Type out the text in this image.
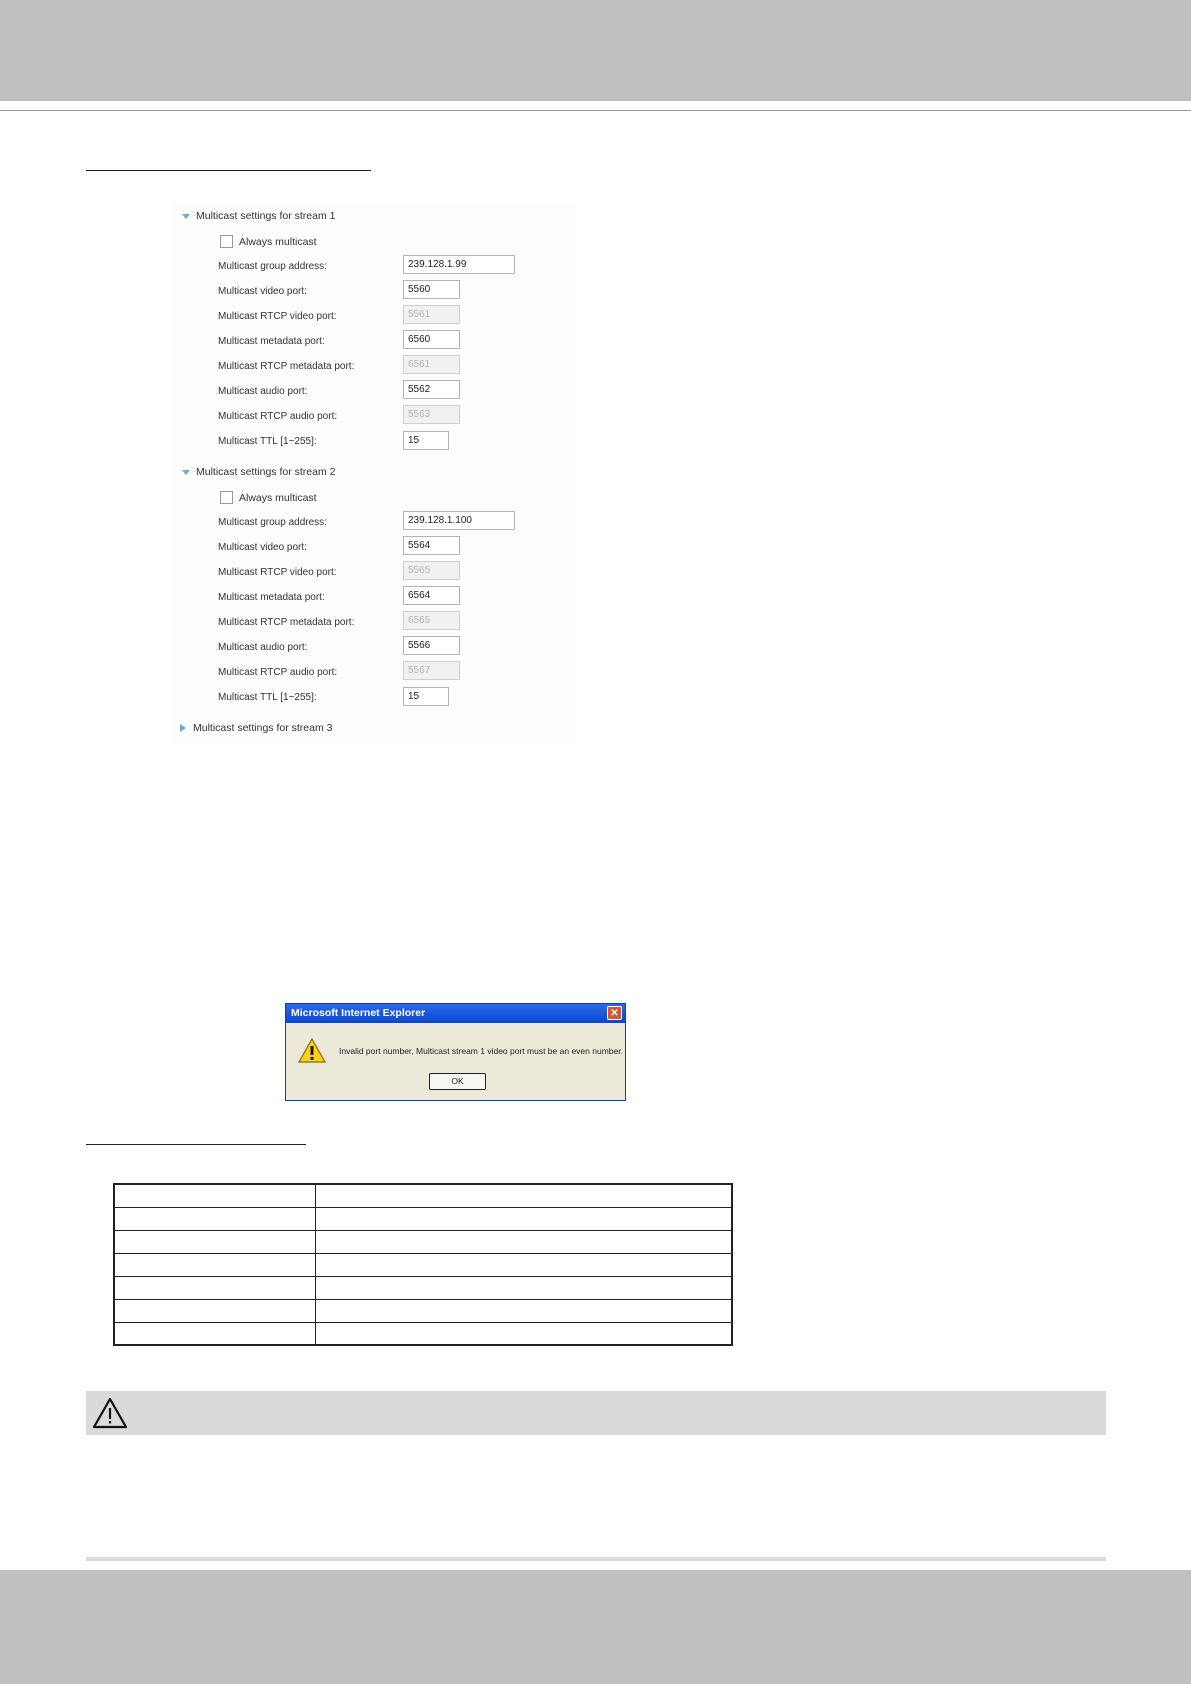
Multicast settings for stream 1
Always multicast
Multicast group address:	239.128.1.99
Multicast video port:	5560
Multicast RTCP video port:	5561
Multicast metadata port:	6560
Multicast RTCP metadata port:	6561
Multicast audio port:	5562
Multicast RTCP audio port:	5563
Multicast TTL [1~255]:	15
Multicast settings for stream 2
Always multicast
Multicast group address:	239.128.1.100
Multicast video port:	5564
Multicast RTCP video port:	5565
Multicast metadata port:	6564
Multicast RTCP metadata port:	6565
Multicast audio port:	5566
Multicast RTCP audio port:	5567
Multicast TTL [1~255]:	15
Multicast settings for stream 3
Microsoft Internet Explorer	✕
Invalid port number, Multicast stream 1 video port must be an even number.
OK
